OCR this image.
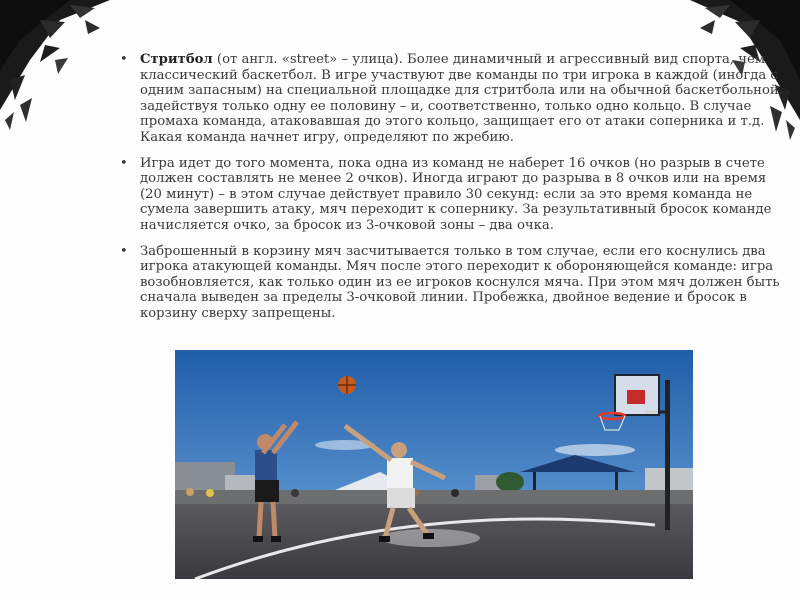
• Стритбол (от англ. «street» – улица). Более динамичный и агрессивный вид спорта, чем классический баскетбол. В игре участвуют две команды по три игрока в каждой (иногда с одним запасным) на специальной площадке для стритбола или на обычной баскетбольной, задействуя только одну ее половину – и, соответственно, только одно кольцо. В случае промаха команда, атаковавшая до этого кольцо, защищает его от атаки соперника и т.д. Какая команда начнет игру, определяют по жребию.
• Игра идет до того момента, пока одна из команд не наберет 16 очков (но разрыв в счете должен составлять не менее 2 очков). Иногда играют до разрыва в 8 очков или на время (20 минут) – в этом случае действует правило 30 секунд: если за это время команда не сумела завершить атаку, мяч переходит к сопернику. За результативный бросок команде начисляется очко, за бросок из 3-очковой зоны – два очка.
• Заброшенный в корзину мяч засчитывается только в том случае, если его коснулись два игрока атакующей команды. Мяч после этого переходит к обороняющейся команде: игра возобновляется, как только один из ее игроков коснулся мяча. При этом мяч должен быть сначала выведен за пределы 3-очковой линии. Пробежка, двойное ведение и бросок в корзину сверху запрещены.
